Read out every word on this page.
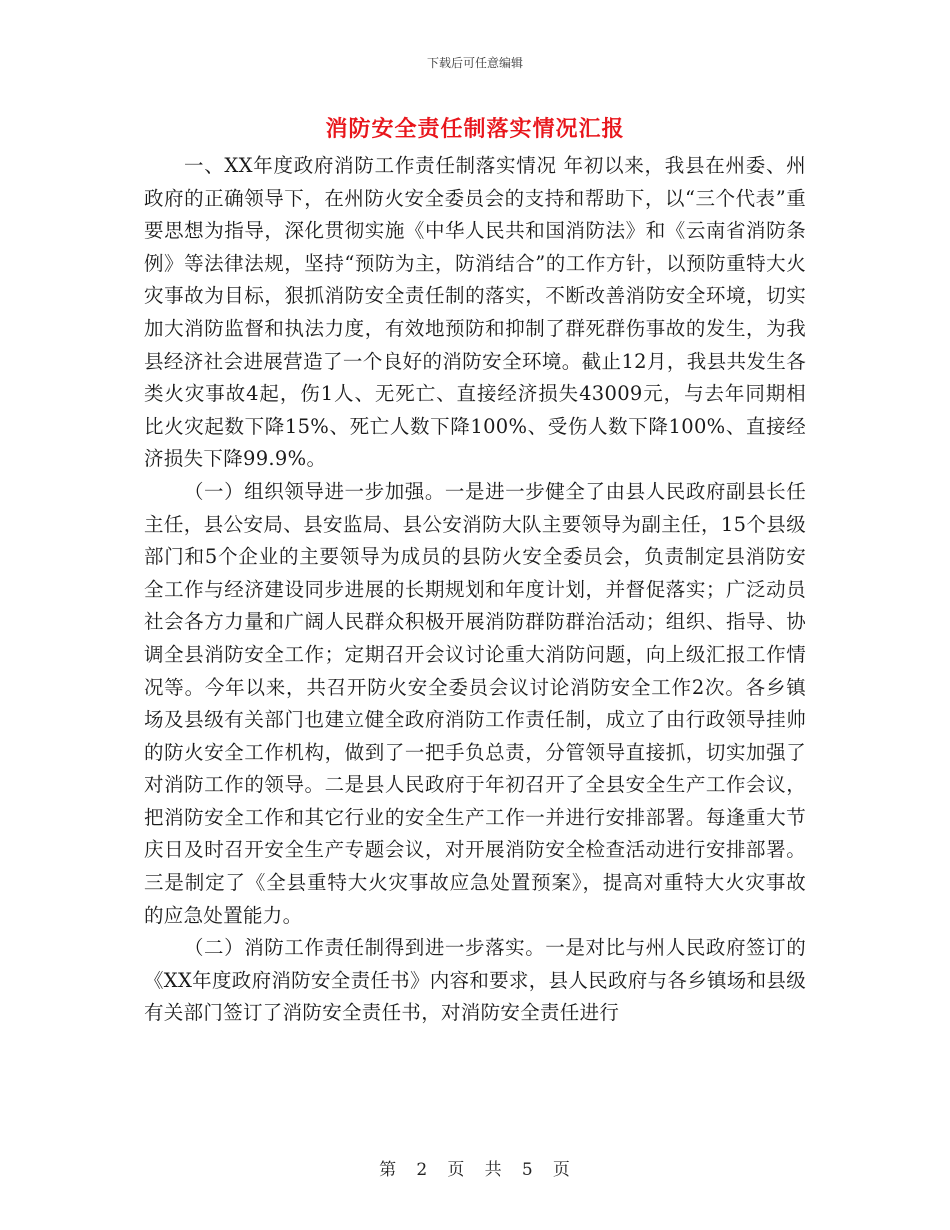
下载后可任意编辑
消防安全责任制落实情况汇报

一、XX年度政府消防工作责任制落实情况 年初以来，我县在州委、州政府的正确领导下，在州防火安全委员会的支持和帮助下，以“三个代表”重要思想为指导，深化贯彻实施《中华人民共和国消防法》和《云南省消防条例》等法律法规，坚持“预防为主，防消结合”的工作方针，以预防重特大火灾事故为目标，狠抓消防安全责任制的落实，不断改善消防安全环境，切实加大消防监督和执法力度，有效地预防和抑制了群死群伤事故的发生，为我县经济社会进展营造了一个良好的消防安全环境。截止12月，我县共发生各类火灾事故4起，伤1人、无死亡、直接经济损失43009元，与去年同期相比火灾起数下降15%、死亡人数下降100%、受伤人数下降100%、直接经济损失下降99.9%。

（一）组织领导进一步加强。一是进一步健全了由县人民政府副县长任主任，县公安局、县安监局、县公安消防大队主要领导为副主任，15个县级部门和5个企业的主要领导为成员的县防火安全委员会，负责制定县消防安全工作与经济建设同步进展的长期规划和年度计划，并督促落实；广泛动员社会各方力量和广阔人民群众积极开展消防群防群治活动；组织、指导、协调全县消防安全工作；定期召开会议讨论重大消防问题，向上级汇报工作情况等。今年以来，共召开防火安全委员会议讨论消防安全工作2次。各乡镇场及县级有关部门也建立健全政府消防工作责任制，成立了由行政领导挂帅的防火安全工作机构，做到了一把手负总责，分管领导直接抓，切实加强了对消防工作的领导。二是县人民政府于年初召开了全县安全生产工作会议，把消防安全工作和其它行业的安全生产工作一并进行安排部署。每逢重大节庆日及时召开安全生产专题会议，对开展消防安全检查活动进行安排部署。三是制定了《全县重特大火灾事故应急处置预案》，提高对重特大火灾事故的应急处置能力。

（二）消防工作责任制得到进一步落实。一是对比与州人民政府签订的《XX年度政府消防安全责任书》内容和要求，县人民政府与各乡镇场和县级有关部门签订了消防安全责任书，对消防安全责任进行

第 2 页 共 5 页
